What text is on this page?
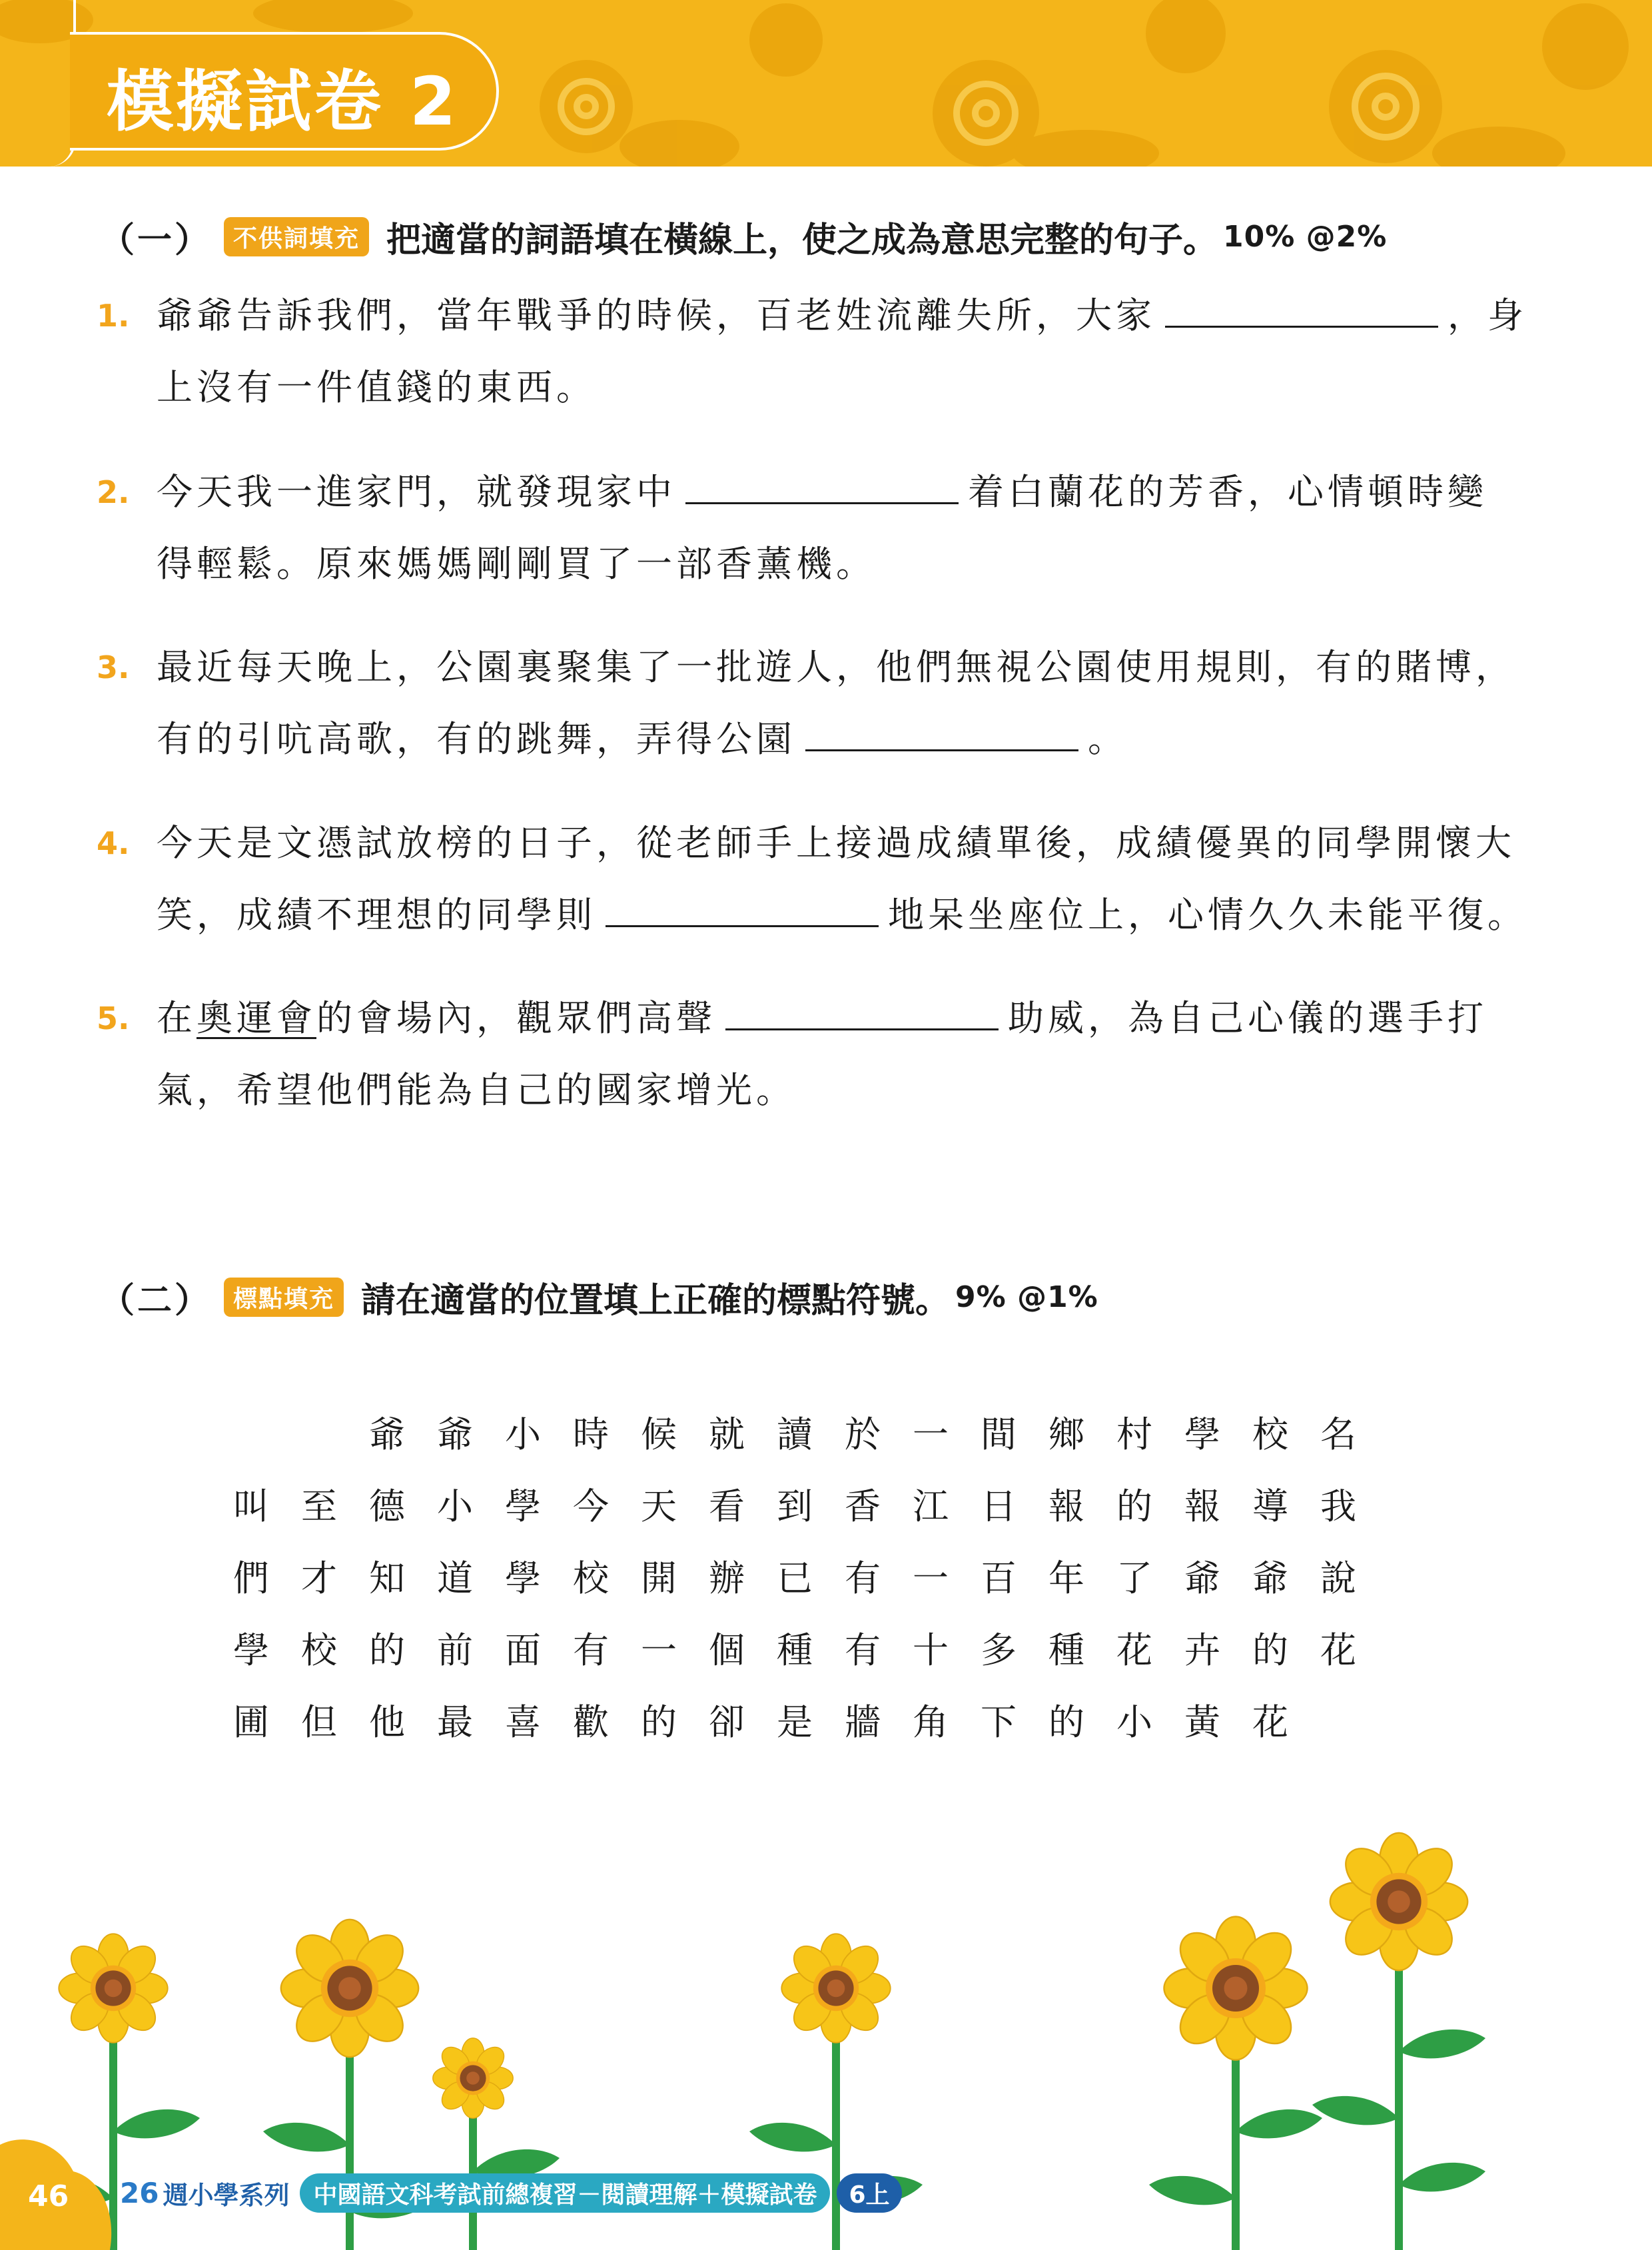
模擬試卷 2
（一） 不供詞填充 把適當的詞語填在橫線上，使之成為意思完整的句子。 10% @2%
1. 爺爺告訴我們，當年戰爭的時候，百老姓流離失所，大家	，身
上沒有一件值錢的東西。
2. 今天我一進家門，就發現家中	着白蘭花的芳香，心情頓時變
得輕鬆。原來媽媽剛剛買了一部香薰機。
3. 最近每天晚上，公園裏聚集了一批遊人，他們無視公園使用規則，有的賭博，
有的引吭高歌，有的跳舞，弄得公園	。
4. 今天是文憑試放榜的日子，從老師手上接過成績單後，成績優異的同學開懷大
笑，成績不理想的同學則	地呆坐座位上，心情久久未能平復。
5. 在奧運會的會場內，觀眾們高聲	助威，為自己心儀的選手打
氣，希望他們能為自己的國家增光。
（二） 標點填充 請在適當的位置填上正確的標點符號。 9% @1%
爺 爺 小 時 候 就 讀 於 一 間 鄉 村 學 校 名
叫 至 德 小 學 今 天 看 到 香 江 日 報 的 報 導 我
們 才 知 道 學 校 開 辦 已 有 一 百 年 了 爺 爺 說
學 校 的 前 面 有 一 個 種 有 十 多 種 花 卉 的 花
圃 但 他 最 喜 歡 的 卻 是 牆 角 下 的 小 黃 花
46 26 週小學系列	中國語文科考試前總複習－閱讀理解＋模擬試卷	6上
